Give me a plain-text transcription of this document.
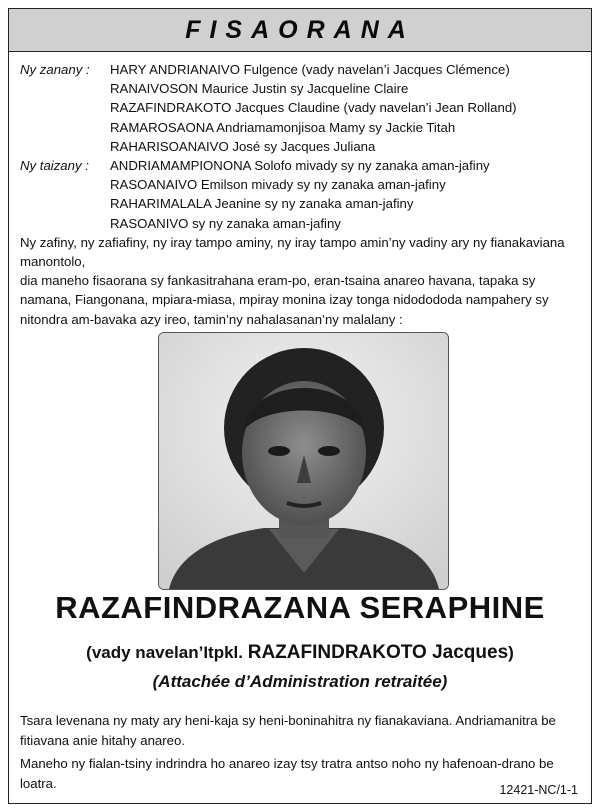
FISAORANA
Ny zanany :	HARY ANDRIANAIVO Fulgence (vady navelan’i Jacques Clémence)
RANAIVOSON Maurice Justin sy Jacqueline Claire
RAZAFINDRAKOTO Jacques Claudine (vady navelan’i Jean Rolland)
RAMAROSAONA Andriamamonjisoa Mamy sy Jackie Titah
RAHARISOANAIVO José sy Jacques Juliana
Ny taizany :	ANDRIAMAMPIONONA Solofo mivady sy ny zanaka aman-jafiny
RASOANAIVO Emilson mivady sy ny zanaka aman-jafiny
RAHARIMALALA Jeanine sy ny zanaka aman-jafiny
RASOANIVO sy ny zanaka aman-jafiny

Ny zafiny, ny zafiafiny, ny iray tampo aminy, ny iray tampo amin’ny vadiny ary ny fianakaviana manontolo,

dia maneho fisaorana sy fankasitrahana eram-po, eran-tsaina anareo havana, tapaka sy namana, Fiangonana, mpiara-miasa, mpiray monina izay tonga nidodododa nampahery sy nitondra am-bavaka azy ireo, tamin’ny nahalasanan’ny malalany :

RAZAFINDRAZANA SERAPHINE
(vady navelan’Itpkl. RAZAFINDRAKOTO Jacques)
(Attachée d’Administration retraitée)

Tsara levenana ny maty ary heni-kaja sy heni-boninahitra ny fianakaviana. Andriamanitra be fitiavana anie hitahy anareo.

Maneho ny fialan-tsiny indrindra ho anareo izay tsy tratra antso noho ny hafenoan-drano be loatra.	12421-NC/1-1
